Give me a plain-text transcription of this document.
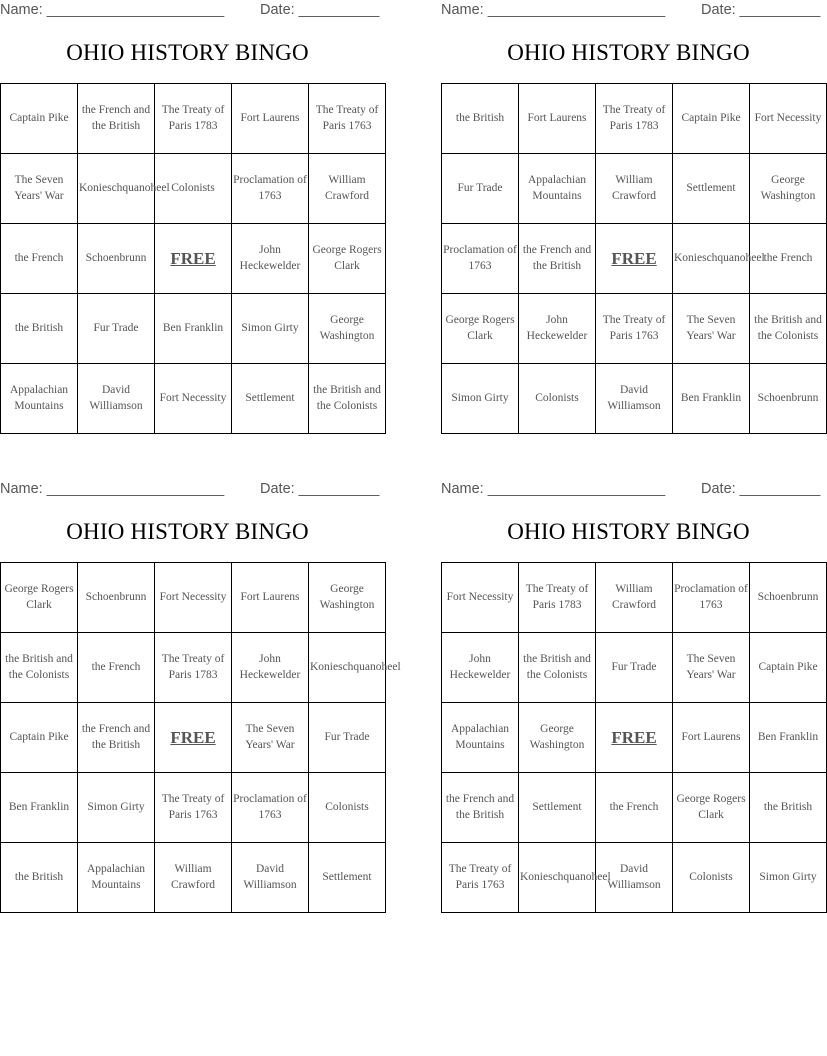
Name: ______________________ Date: __________
OHIO HISTORY BINGO
Captain Pike	the French and the British	The Treaty of Paris 1783	Fort Laurens	The Treaty of Paris 1763
The Seven Years' War	Konieschquanoheel	Colonists	Proclamation of 1763	William Crawford
the French	Schoenbrunn	FREE	John Heckewelder	George Rogers Clark
the British	Fur Trade	Ben Franklin	Simon Girty	George Washington
Appalachian Mountains	David Williamson	Fort Necessity	Settlement	the British and the Colonists
Name: ______________________ Date: __________
OHIO HISTORY BINGO
the British	Fort Laurens	The Treaty of Paris 1783	Captain Pike	Fort Necessity
Fur Trade	Appalachian Mountains	William Crawford	Settlement	George Washington
Proclamation of 1763	the French and the British	FREE	Konieschquanoheel	the French
George Rogers Clark	John Heckewelder	The Treaty of Paris 1763	The Seven Years' War	the British and the Colonists
Simon Girty	Colonists	David Williamson	Ben Franklin	Schoenbrunn
Name: ______________________ Date: __________
OHIO HISTORY BINGO
George Rogers Clark	Schoenbrunn	Fort Necessity	Fort Laurens	George Washington
the British and the Colonists	the French	The Treaty of Paris 1783	John Heckewelder	Konieschquanoheel
Captain Pike	the French and the British	FREE	The Seven Years' War	Fur Trade
Ben Franklin	Simon Girty	The Treaty of Paris 1763	Proclamation of 1763	Colonists
the British	Appalachian Mountains	William Crawford	David Williamson	Settlement
Name: ______________________ Date: __________
OHIO HISTORY BINGO
Fort Necessity	The Treaty of Paris 1783	William Crawford	Proclamation of 1763	Schoenbrunn
John Heckewelder	the British and the Colonists	Fur Trade	The Seven Years' War	Captain Pike
Appalachian Mountains	George Washington	FREE	Fort Laurens	Ben Franklin
the French and the British	Settlement	the French	George Rogers Clark	the British
The Treaty of Paris 1763	Konieschquanoheel	David Williamson	Colonists	Simon Girty
